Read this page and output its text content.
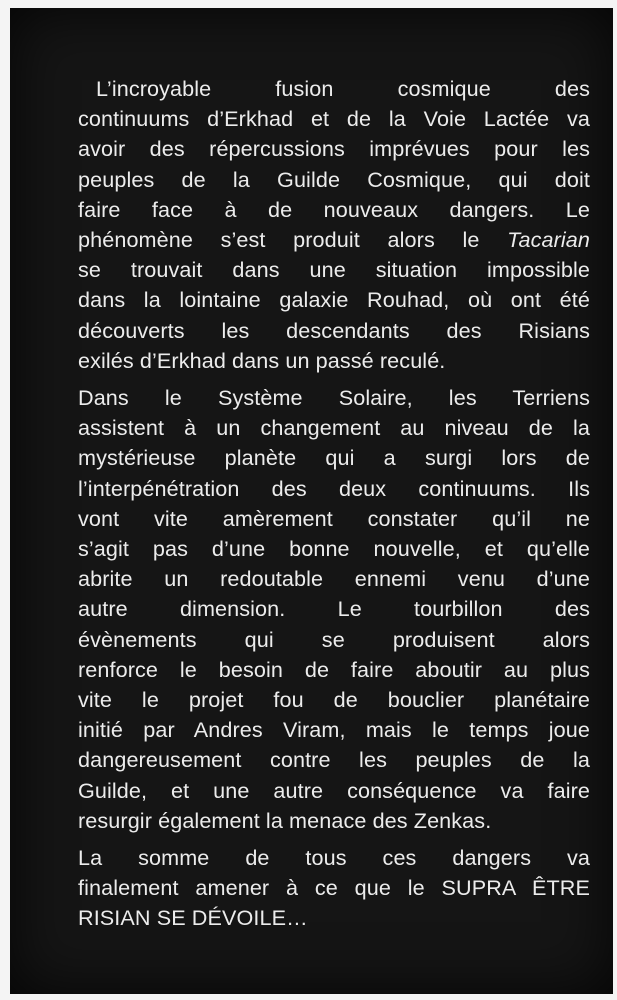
L’incroyable fusion cosmique des
continuums d’Erkhad et de la Voie Lactée va
avoir des répercussions imprévues pour les
peuples de la Guilde Cosmique, qui doit
faire face à de nouveaux dangers. Le
phénomène s’est produit alors le Tacarian
se trouvait dans une situation impossible
dans la lointaine galaxie Rouhad, où ont été
découverts les descendants des Risians
exilés d’Erkhad dans un passé reculé.
Dans le Système Solaire, les Terriens
assistent à un changement au niveau de la
mystérieuse planète qui a surgi lors de
l’interpénétration des deux continuums. Ils
vont vite amèrement constater qu’il ne
s’agit pas d’une bonne nouvelle, et qu’elle
abrite un redoutable ennemi venu d’une
autre dimension. Le tourbillon des
évènements qui se produisent alors
renforce le besoin de faire aboutir au plus
vite le projet fou de bouclier planétaire
initié par Andres Viram, mais le temps joue
dangereusement contre les peuples de la
Guilde, et une autre conséquence va faire
resurgir également la menace des Zenkas.
La somme de tous ces dangers va
finalement amener à ce que le SUPRA ÊTRE
RISIAN SE DÉVOILE…
